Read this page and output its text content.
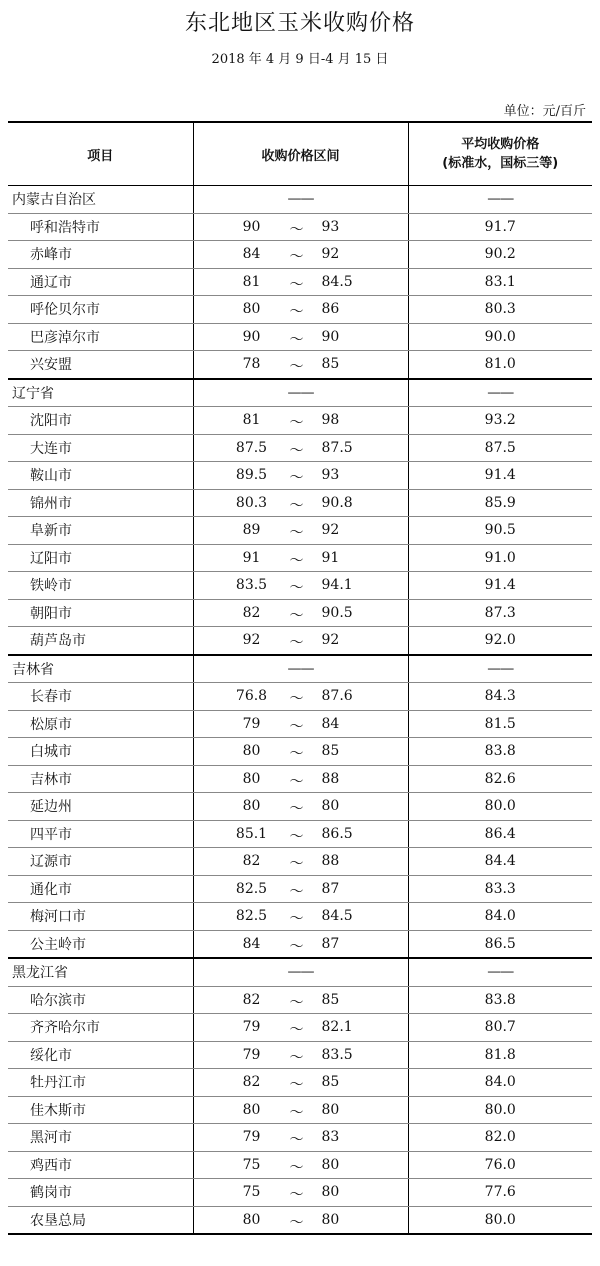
东北地区玉米收购价格
2018 年 4 月 9 日-4 月 15 日
单位：元/百斤
项目	收购价格区间	平均收购价格
(标准水，国标三等)

内蒙古自治区	——	——
呼和浩特市	90 ～ 93	91.7
赤峰市	84 ～ 92	90.2
通辽市	81 ～ 84.5	83.1
呼伦贝尔市	80 ～ 86	80.3
巴彦淖尔市	90 ～ 90	90.0
兴安盟	78 ～ 85	81.0
辽宁省	——	——
沈阳市	81 ～ 98	93.2
大连市	87.5 ～ 87.5	87.5
鞍山市	89.5 ～ 93	91.4
锦州市	80.3 ～ 90.8	85.9
阜新市	89 ～ 92	90.5
辽阳市	91 ～ 91	91.0
铁岭市	83.5 ～ 94.1	91.4
朝阳市	82 ～ 90.5	87.3
葫芦岛市	92 ～ 92	92.0
吉林省	——	——
长春市	76.8 ～ 87.6	84.3
松原市	79 ～ 84	81.5
白城市	80 ～ 85	83.8
吉林市	80 ～ 88	82.6
延边州	80 ～ 80	80.0
四平市	85.1 ～ 86.5	86.4
辽源市	82 ～ 88	84.4
通化市	82.5 ～ 87	83.3
梅河口市	82.5 ～ 84.5	84.0
公主岭市	84 ～ 87	86.5
黑龙江省	——	——
哈尔滨市	82 ～ 85	83.8
齐齐哈尔市	79 ～ 82.1	80.7
绥化市	79 ～ 83.5	81.8
牡丹江市	82 ～ 85	84.0
佳木斯市	80 ～ 80	80.0
黑河市	79 ～ 83	82.0
鸡西市	75 ～ 80	76.0
鹤岗市	75 ～ 80	77.6
农垦总局	80 ～ 80	80.0
